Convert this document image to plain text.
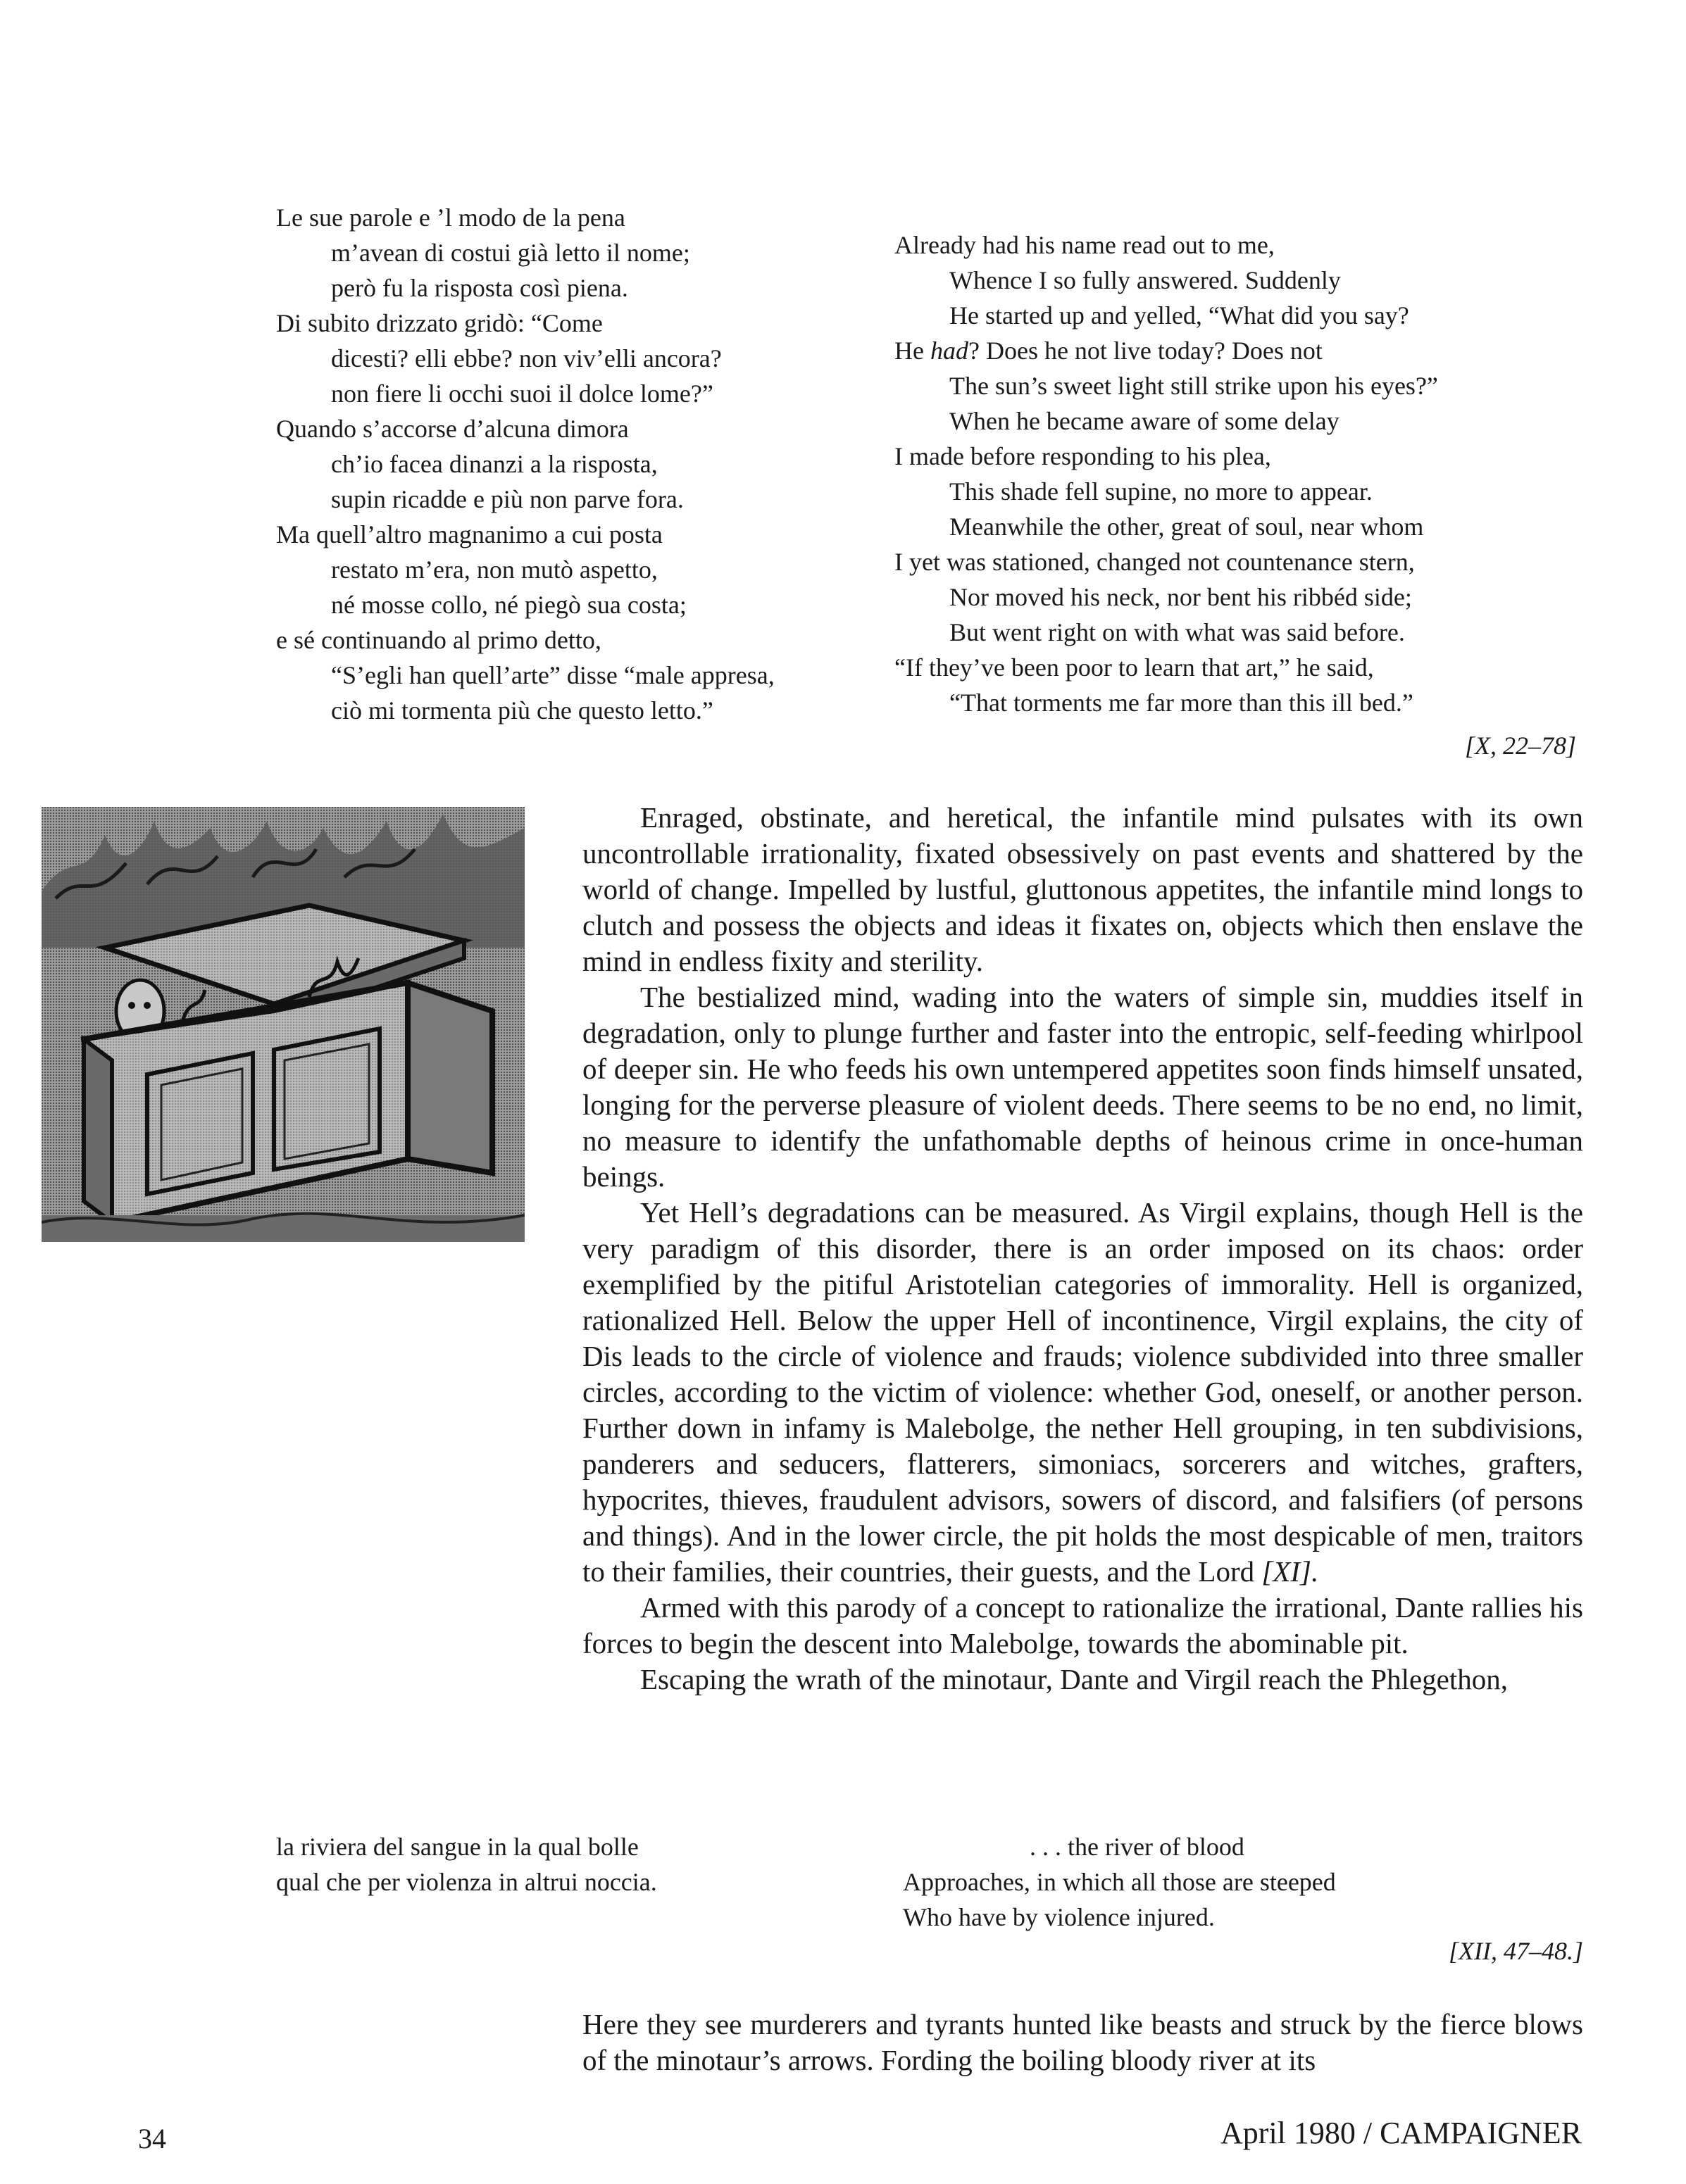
Le sue parole e ’l modo de la pena
m’avean di costui già letto il nome;
però fu la risposta così piena.
Di subito drizzato gridò: “Come
dicesti? elli ebbe? non viv’elli ancora?
non fiere li occhi suoi il dolce lome?”
Quando s’accorse d’alcuna dimora
ch’io facea dinanzi a la risposta,
supin ricadde e più non parve fora.
Ma quell’altro magnanimo a cui posta
restato m’era, non mutò aspetto,
né mosse collo, né piegò sua costa;
e sé continuando al primo detto,
“S’egli han quell’arte” disse “male appresa,
ciò mi tormenta più che questo letto.”
Already had his name read out to me,
Whence I so fully answered. Suddenly
He started up and yelled, “What did you say?
He had? Does he not live today? Does not
The sun’s sweet light still strike upon his eyes?”
When he became aware of some delay
I made before responding to his plea,
This shade fell supine, no more to appear.
Meanwhile the other, great of soul, near whom
I yet was stationed, changed not countenance stern,
Nor moved his neck, nor bent his ribbéd side;
But went right on with what was said before.
“If they’ve been poor to learn that art,” he said,
“That torments me far more than this ill bed.”
[X, 22–78]

Enraged, obstinate, and heretical, the infantile mind pulsates with its own uncontrollable irrationality, fixated obsessively on past events and shattered by the world of change. Impelled by lustful, gluttonous appetites, the infantile mind longs to clutch and possess the objects and ideas it fixates on, objects which then enslave the mind in endless fixity and sterility.

The bestialized mind, wading into the waters of simple sin, muddies itself in degradation, only to plunge further and faster into the entropic, self-feeding whirlpool of deeper sin. He who feeds his own untempered appetites soon finds himself unsated, longing for the perverse pleasure of violent deeds. There seems to be no end, no limit, no measure to identify the unfathomable depths of heinous crime in once-human beings.

Yet Hell’s degradations can be measured. As Virgil explains, though Hell is the very paradigm of this disorder, there is an order imposed on its chaos: order exemplified by the pitiful Aristotelian categories of immorality. Hell is organized, rationalized Hell. Below the upper Hell of incontinence, Virgil explains, the city of Dis leads to the circle of violence and frauds; violence subdivided into three smaller circles, according to the victim of violence: whether God, oneself, or another person. Further down in infamy is Malebolge, the nether Hell grouping, in ten subdivisions, panderers and seducers, flatterers, simoniacs, sorcerers and witches, grafters, hypocrites, thieves, fraudulent advisors, sowers of discord, and falsifiers (of persons and things). And in the lower circle, the pit holds the most despicable of men, traitors to their families, their countries, their guests, and the Lord [XI].

Armed with this parody of a concept to rationalize the irrational, Dante rallies his forces to begin the descent into Malebolge, towards the abominable pit.

Escaping the wrath of the minotaur, Dante and Virgil reach the Phlegethon,

la riviera del sangue in la qual bolle
qual che per violenza in altrui noccia.
. . . the river of blood
Approaches, in which all those are steeped
Who have by violence injured.
[XII, 47–48.]

Here they see murderers and tyrants hunted like beasts and struck by the fierce blows of the minotaur’s arrows. Fording the boiling bloody river at its

34	April 1980 / CAMPAIGNER
